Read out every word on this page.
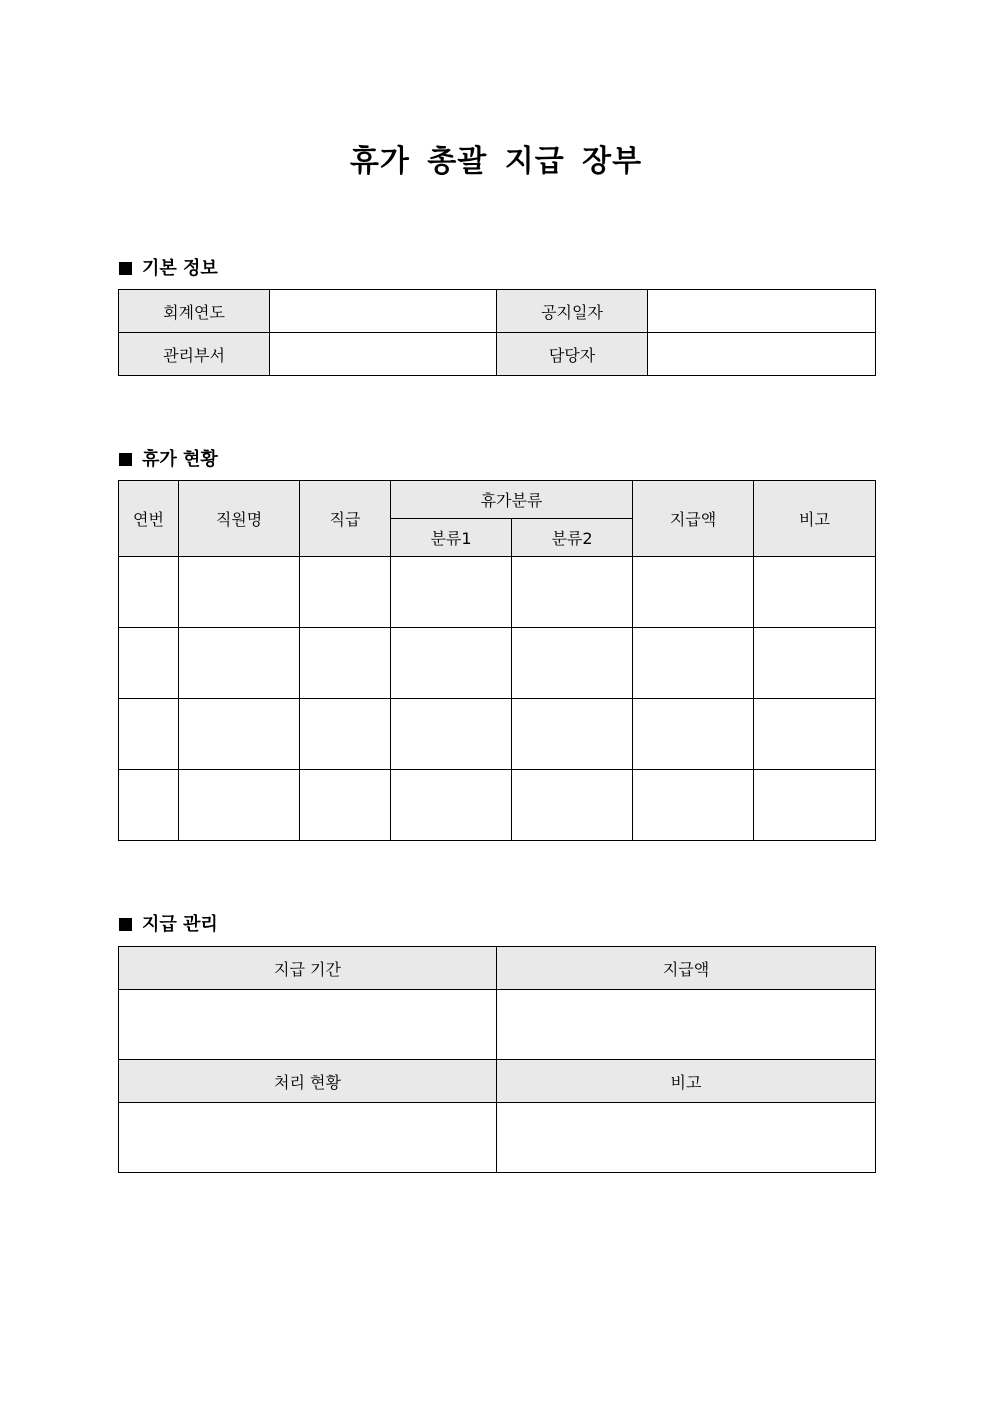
휴가 총괄 지급 장부
기본 정보
회계연도		공지일자	
관리부서		담당자	
휴가 현황
연번	직원명	직급	휴가분류		지급액	비고
			분류1	분류2		

지급 관리
지급 기간	지급액

처리 현황	비고
